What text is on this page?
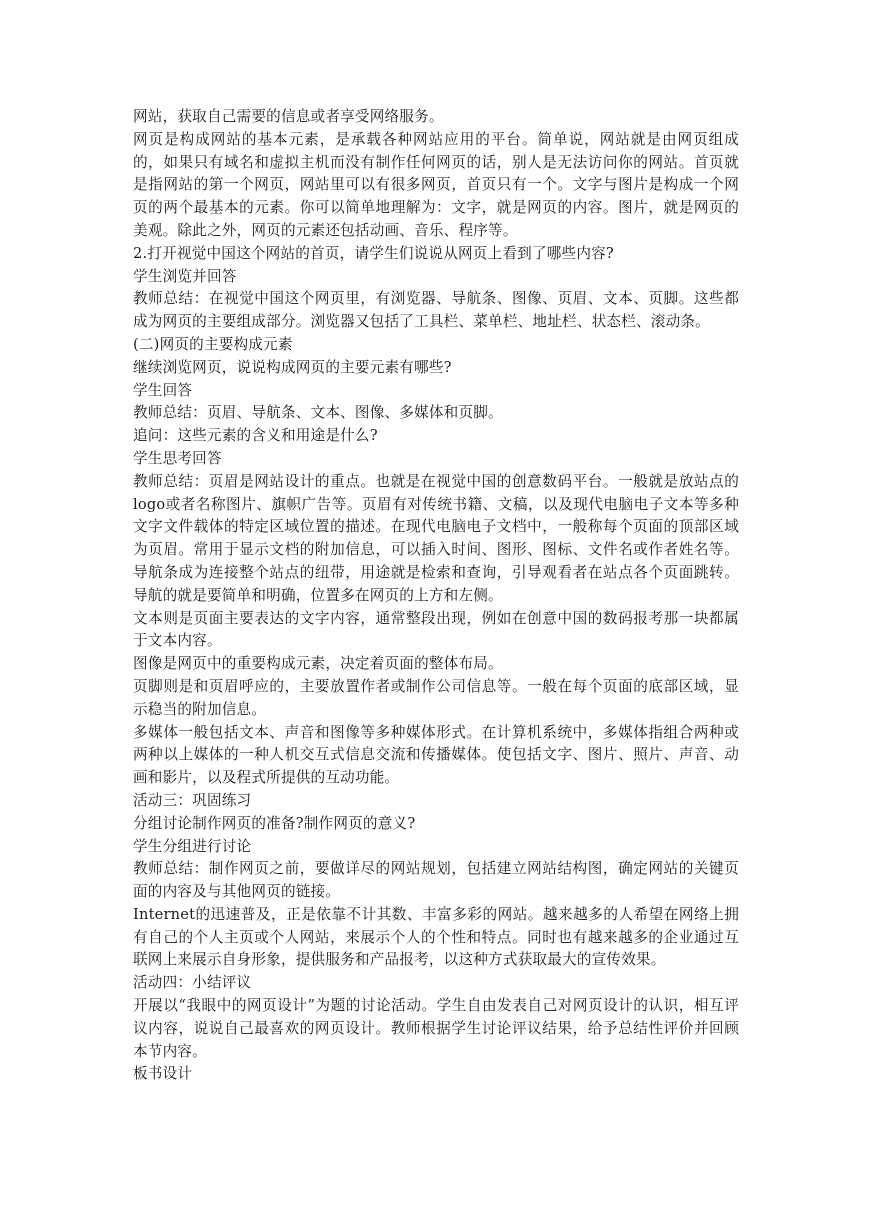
网站，获取自己需要的信息或者享受网络服务。

网页是构成网站的基本元素，是承载各种网站应用的平台。简单说，网站就是由网页组成的，如果只有域名和虚拟主机而没有制作任何网页的话，别人是无法访问你的网站。首页就是指网站的第一个网页，网站里可以有很多网页，首页只有一个。文字与图片是构成一个网页的两个最基本的元素。你可以简单地理解为：文字，就是网页的内容。图片，就是网页的美观。除此之外，网页的元素还包括动画、音乐、程序等。

2.打开视觉中国这个网站的首页，请学生们说说从网页上看到了哪些内容?

学生浏览并回答

教师总结：在视觉中国这个网页里，有浏览器、导航条、图像、页眉、文本、页脚。这些都成为网页的主要组成部分。浏览器又包括了工具栏、菜单栏、地址栏、状态栏、滚动条。

(二)网页的主要构成元素

继续浏览网页，说说构成网页的主要元素有哪些?

学生回答

教师总结：页眉、导航条、文本、图像、多媒体和页脚。

追问：这些元素的含义和用途是什么?

学生思考回答

教师总结：页眉是网站设计的重点。也就是在视觉中国的创意数码平台。一般就是放站点的logo或者名称图片、旗帜广告等。页眉有对传统书籍、文稿，以及现代电脑电子文本等多种文字文件载体的特定区域位置的描述。在现代电脑电子文档中，一般称每个页面的顶部区域为页眉。常用于显示文档的附加信息，可以插入时间、图形、图标、文件名或作者姓名等。导航条成为连接整个站点的纽带，用途就是检索和查询，引导观看者在站点各个页面跳转。导航的就是要简单和明确，位置多在网页的上方和左侧。

文本则是页面主要表达的文字内容，通常整段出现，例如在创意中国的数码报考那一块都属于文本内容。

图像是网页中的重要构成元素，决定着页面的整体布局。

页脚则是和页眉呼应的，主要放置作者或制作公司信息等。一般在每个页面的底部区域，显示稳当的附加信息。

多媒体一般包括文本、声音和图像等多种媒体形式。在计算机系统中，多媒体指组合两种或两种以上媒体的一种人机交互式信息交流和传播媒体。使包括文字、图片、照片、声音、动画和影片，以及程式所提供的互动功能。

活动三：巩固练习

分组讨论制作网页的准备?制作网页的意义?

学生分组进行讨论

教师总结：制作网页之前，要做详尽的网站规划，包括建立网站结构图，确定网站的关键页面的内容及与其他网页的链接。

Internet的迅速普及，正是依靠不计其数、丰富多彩的网站。越来越多的人希望在网络上拥有自己的个人主页或个人网站，来展示个人的个性和特点。同时也有越来越多的企业通过互联网上来展示自身形象，提供服务和产品报考，以这种方式获取最大的宣传效果。

活动四：小结评议

开展以“我眼中的网页设计”为题的讨论活动。学生自由发表自己对网页设计的认识，相互评议内容，说说自己最喜欢的网页设计。教师根据学生讨论评议结果，给予总结性评价并回顾本节内容。

板书设计
